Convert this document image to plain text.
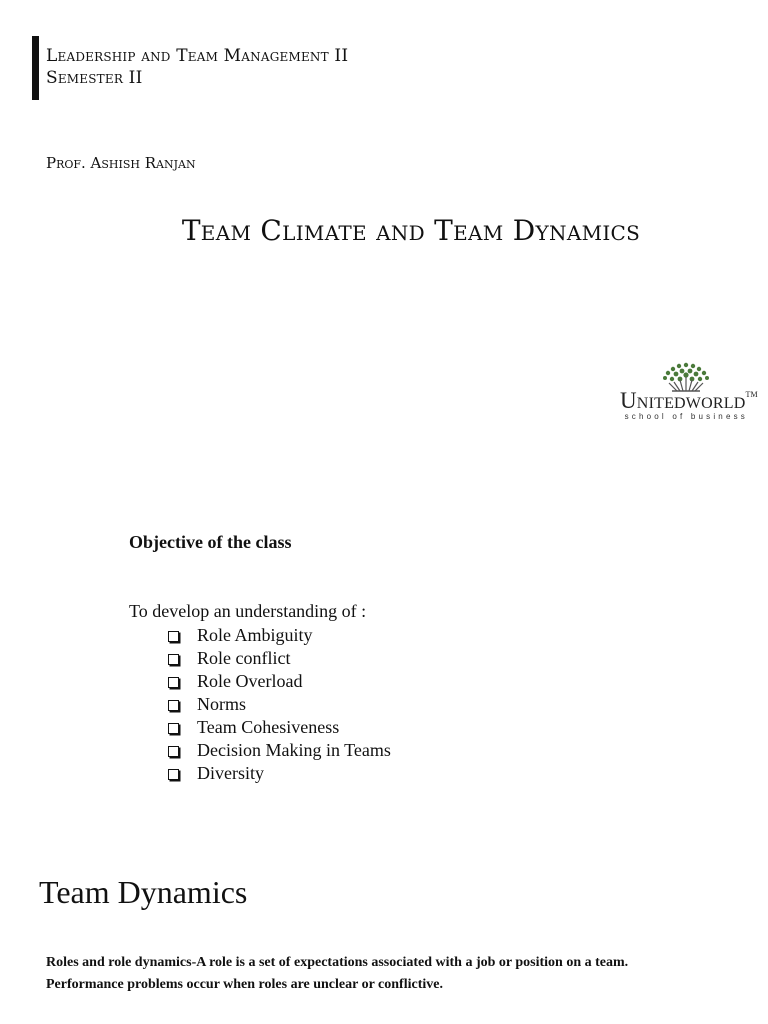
Leadership and Team Management II
Semester II
Prof. Ashish Ranjan
Team Climate and Team Dynamics
Unitedworld™
school of business
Objective of the class
To develop an understanding of :
Role Ambiguity
Role conflict
Role Overload
Norms
Team Cohesiveness
Decision Making in Teams
Diversity
Team Dynamics
Roles and role dynamics-A role is a set of expectations associated with a job or position on a team.
Performance problems occur when roles are unclear or conflictive.
